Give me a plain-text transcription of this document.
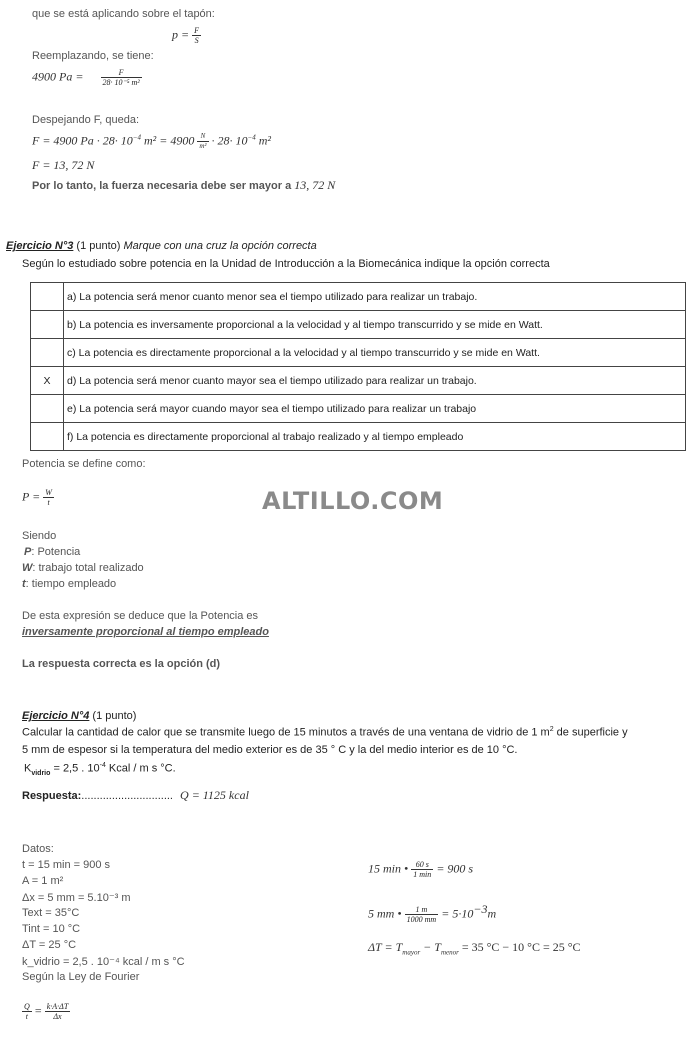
que se está aplicando sobre el tapón:
$p = \frac{F}{S}$
Reemplazando, se tiene:
4900 $Pa = \frac{F}{\text{28· 10⁻⁵ m²}}$
Despejando F, queda:
F = 4900 $Pa \cdot 28\cdot 10^{-4}$ $m^2 = 4900 \frac{N}{\text{m²}} \cdot 28\cdot 10^{-4}$ m²
F = 13, 72 N
Por lo tanto, la fuerza necesaria debe ser mayor a 13, 72 N
Ejercicio N°3 (1 punto) Marque con una cruz la opción correcta
Según lo estudiado sobre potencia en la Unidad de Introducción a la Biomecánica indique la opción correcta
	a) La potencia será menor cuanto menor sea el tiempo utilizado para realizar un trabajo.
	b) La potencia es inversamente proporcional a la velocidad y al tiempo transcurrido y se mide en Watt.
	c) La potencia es directamente proporcional a la velocidad y al tiempo transcurrido y se mide en Watt.
X	d) La potencia será menor cuanto mayor sea el tiempo utilizado para realizar un trabajo.
	e) La potencia será mayor cuando mayor sea el tiempo utilizado para realizar un trabajo
	f) La potencia es directamente proporcional al trabajo realizado y al tiempo empleado
Potencia se define como:
$P = \frac{W}{t}$	ALTILLO.COM
Siendo
P: Potencia
W: trabajo total realizado
t: tiempo empleado
De esta expresión se deduce que la Potencia es
inversamente proporcional al tiempo empleado
La respuesta correcta es la opción (d)
Ejercicio N°4 (1 punto)
Calcular la cantidad de calor que se transmite luego de 15 minutos a través de una ventana de vidrio de 1 $m^2$ de superficie y
5 mm de espesor si la temperatura del medio exterior es de 35 ° C y la del medio interior es de 10 °C.
$K_{vidrio} = 2,5$ . $10^{-4}$ Kcal / m s °C.
Respuesta:.............................. Q = 1125 kcal
Datos:
t = 15 min = 900 s
A = 1 m²
Δx = 5 mm = 5.10⁻³ m
Text = 35°C
Tint = 10 °C
ΔT = 25 °C
k_vidrio = 2,5 . 10⁻⁴ kcal / m s °C
Según la Ley de Fourier
$\frac{Q}{t} = \frac{k\cdot A\cdot\Delta T}{\Delta x}$
15 min • $\frac{60 s}{1 \min} = 900$ s
5 mm • $\frac{1 m}{1000 mm} = 5\cdot 10^{-3}m$
$\Delta T = T_{mayor} - T_{menor} = 35$ °C − 10 °C = 25 °C
